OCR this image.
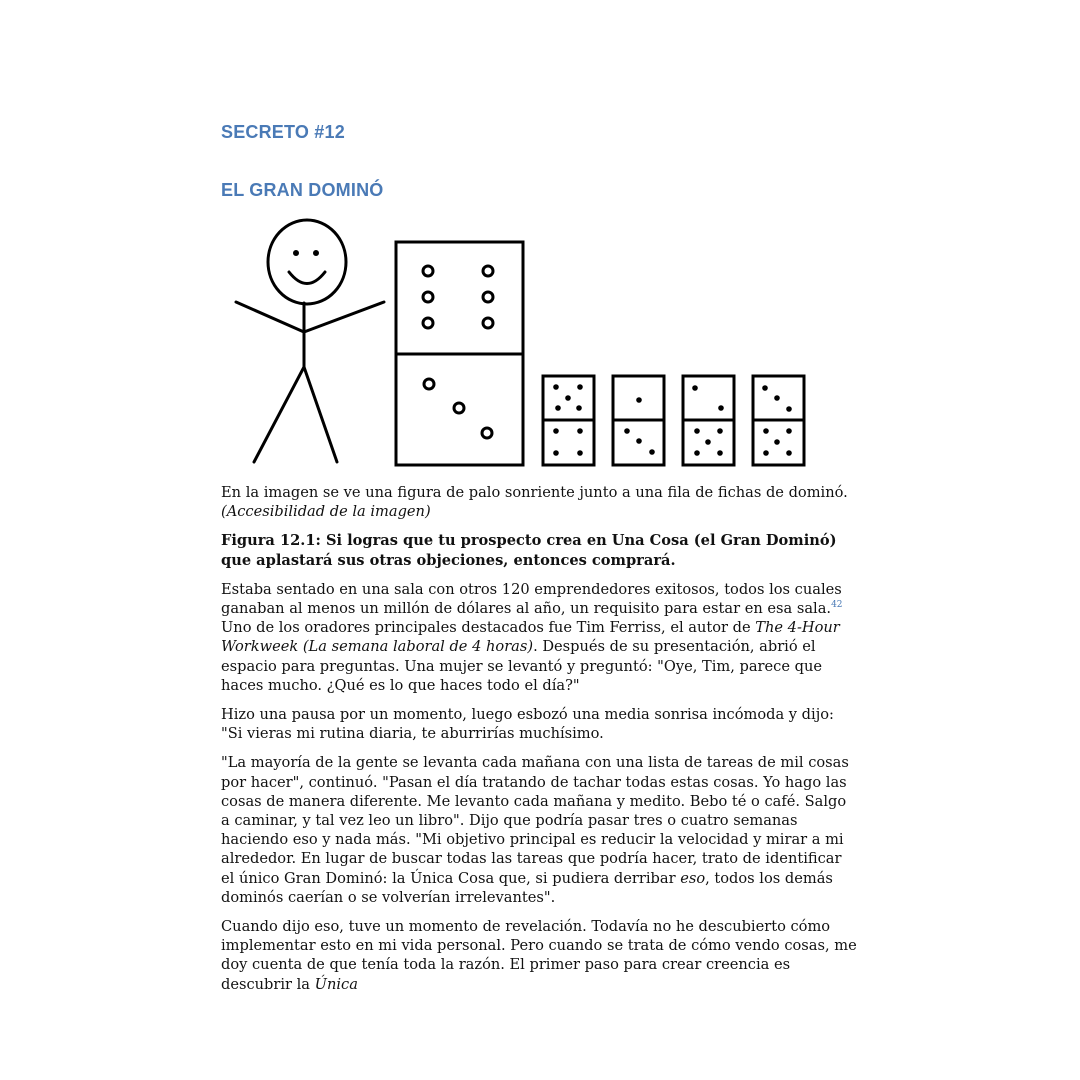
SECRETO #12
EL GRAN DOMINÓ

En la imagen se ve una figura de palo sonriente junto a una fila de fichas de dominó.
(Accesibilidad de la imagen)

Figura 12.1: Si logras que tu prospecto crea en Una Cosa (el Gran Dominó) que aplastará sus otras objeciones, entonces comprará.

Estaba sentado en una sala con otros 120 emprendedores exitosos, todos los cuales ganaban al menos un millón de dólares al año, un requisito para estar en esa sala.$^{42}$ Uno de los oradores principales destacados fue Tim Ferriss, el autor de The 4-Hour Workweek (La semana laboral de 4 horas). Después de su presentación, abrió el espacio para preguntas. Una mujer se levantó y preguntó: "Oye, Tim, parece que haces mucho. ¿Qué es lo que haces todo el día?"

Hizo una pausa por un momento, luego esbozó una media sonrisa incómoda y dijo: "Si vieras mi rutina diaria, te aburrirías muchísimo.

"La mayoría de la gente se levanta cada mañana con una lista de tareas de mil cosas por hacer", continuó. "Pasan el día tratando de tachar todas estas cosas. Yo hago las cosas de manera diferente. Me levanto cada mañana y medito. Bebo té o café. Salgo a caminar, y tal vez leo un libro". Dijo que podría pasar tres o cuatro semanas haciendo eso y nada más. "Mi objetivo principal es reducir la velocidad y mirar a mi alrededor. En lugar de buscar todas las tareas que podría hacer, trato de identificar el único Gran Dominó: la Única Cosa que, si pudiera derribar eso, todos los demás dominós caerían o se volverían irrelevantes".

Cuando dijo eso, tuve un momento de revelación. Todavía no he descubierto cómo implementar esto en mi vida personal. Pero cuando se trata de cómo vendo cosas, me doy cuenta de que tenía toda la razón. El primer paso para crear creencia es descubrir la Única
